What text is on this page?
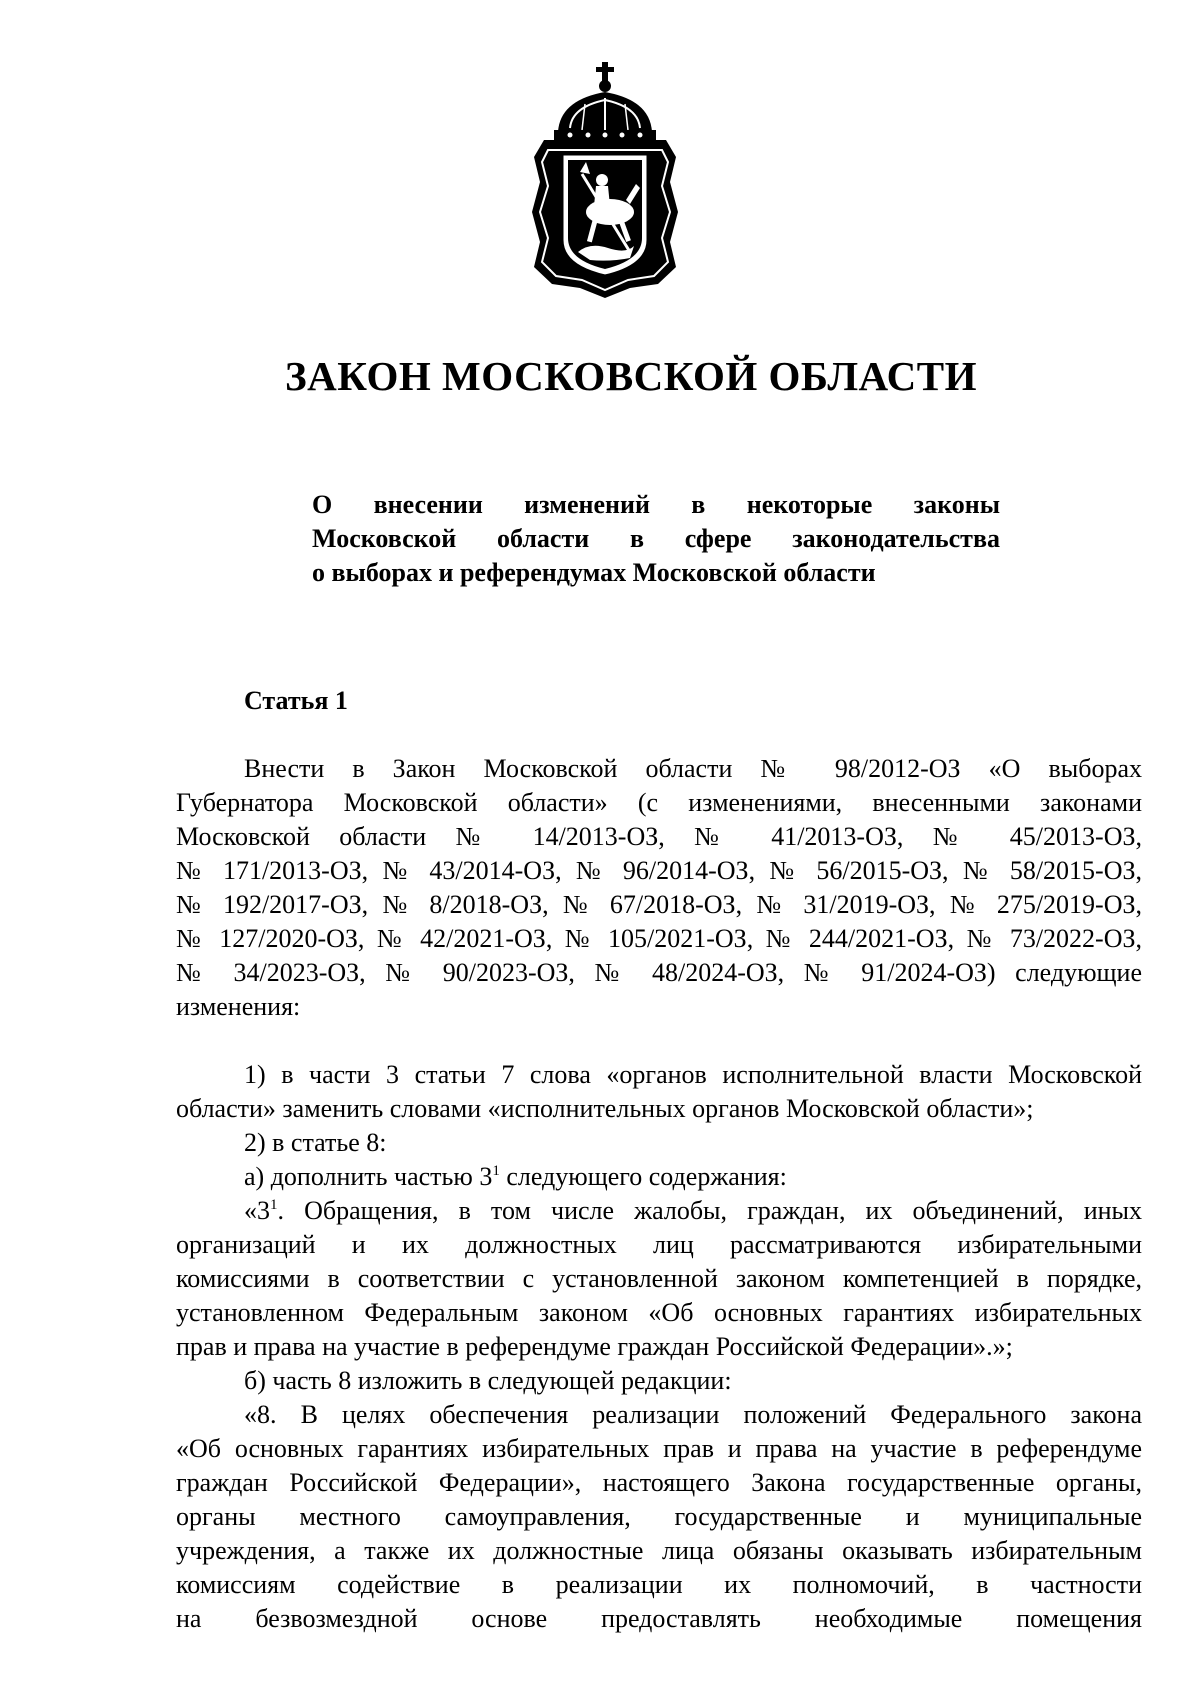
ЗАКОН МОСКОВСКОЙ ОБЛАСТИ
О внесении изменений в некоторые законы
Московской области в сфере законодательства
о выборах и референдумах Московской области
Статья 1
Внести в Закон Московской области № 98/2012-ОЗ «О выборах
Губернатора Московской области» (с изменениями, внесенными законами
Московской области № 14/2013-ОЗ, № 41/2013-ОЗ, № 45/2013-ОЗ,
№ 171/2013-ОЗ, № 43/2014-ОЗ, № 96/2014-ОЗ, № 56/2015-ОЗ, № 58/2015-ОЗ,
№ 192/2017-ОЗ, № 8/2018-ОЗ, № 67/2018-ОЗ, № 31/2019-ОЗ, № 275/2019-ОЗ,
№ 127/2020-ОЗ, № 42/2021-ОЗ, № 105/2021-ОЗ, № 244/2021-ОЗ, № 73/2022-ОЗ,
№ 34/2023-ОЗ, № 90/2023-ОЗ, № 48/2024-ОЗ, № 91/2024-ОЗ) следующие
изменения:
1) в части 3 статьи 7 слова «органов исполнительной власти Московской
области» заменить словами «исполнительных органов Московской области»;
2) в статье 8:
а) дополнить частью $3^1$ следующего содержания:
«$3^1$. Обращения, в том числе жалобы, граждан, их объединений, иных
организаций и их должностных лиц рассматриваются избирательными
комиссиями в соответствии с установленной законом компетенцией в порядке,
установленном Федеральным законом «Об основных гарантиях избирательных
прав и права на участие в референдуме граждан Российской Федерации».»;
б) часть 8 изложить в следующей редакции:
«8. В целях обеспечения реализации положений Федерального закона
«Об основных гарантиях избирательных прав и права на участие в референдуме
граждан Российской Федерации», настоящего Закона государственные органы,
органы местного самоуправления, государственные и муниципальные
учреждения, а также их должностные лица обязаны оказывать избирательным
комиссиям содействие в реализации их полномочий, в частности
на безвозмездной основе предоставлять необходимые помещения
